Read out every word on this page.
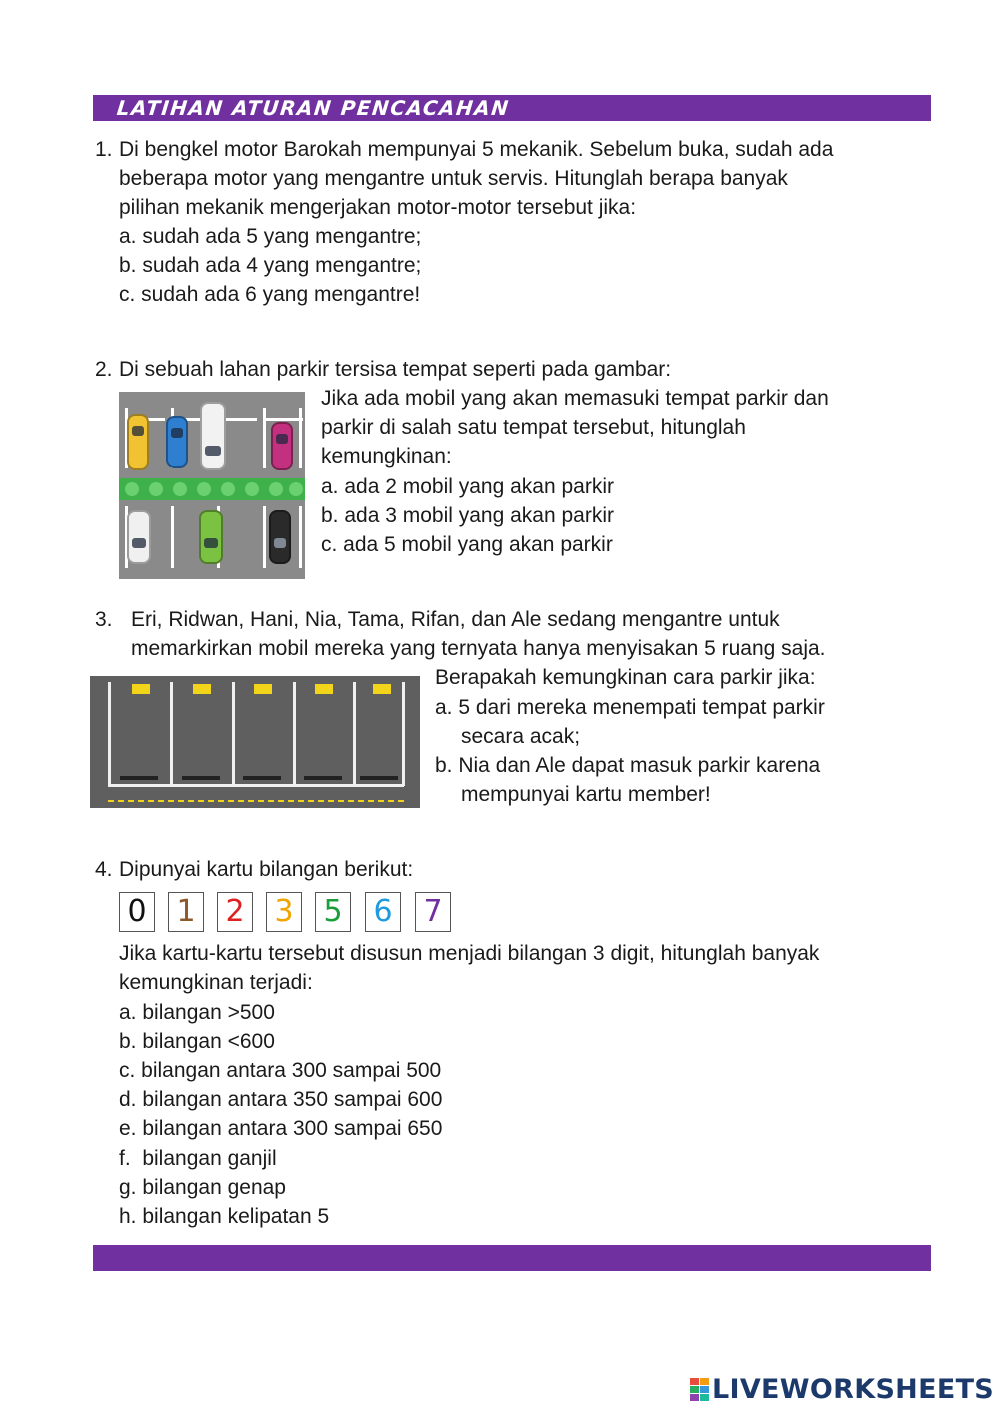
LATIHAN ATURAN PENCACAHAN
1. Di bengkel motor Barokah mempunyai 5 mekanik. Sebelum buka, sudah ada
beberapa motor yang mengantre untuk servis. Hitunglah berapa banyak
pilihan mekanik mengerjakan motor-motor tersebut jika:
a. sudah ada 5 yang mengantre;
b. sudah ada 4 yang mengantre;
c. sudah ada 6 yang mengantre!
2. Di sebuah lahan parkir tersisa tempat seperti pada gambar:
Jika ada mobil yang akan memasuki tempat parkir dan
parkir di salah satu tempat tersebut, hitunglah
kemungkinan:
a. ada 2 mobil yang akan parkir
b. ada 3 mobil yang akan parkir
c. ada 5 mobil yang akan parkir
3. Eri, Ridwan, Hani, Nia, Tama, Rifan, dan Ale sedang mengantre untuk
memarkirkan mobil mereka yang ternyata hanya menyisakan 5 ruang saja.
Berapakah kemungkinan cara parkir jika:
a. 5 dari mereka menempati tempat parkir
secara acak;
b. Nia dan Ale dapat masuk parkir karena
mempunyai kartu member!
4. Dipunyai kartu bilangan berikut:
0 1 2 3 5 6 7
Jika kartu-kartu tersebut disusun menjadi bilangan 3 digit, hitunglah banyak
kemungkinan terjadi:
a. bilangan >500
b. bilangan <600
c. bilangan antara 300 sampai 500
d. bilangan antara 350 sampai 600
e. bilangan antara 300 sampai 650
f.  bilangan ganjil
g. bilangan genap
h. bilangan kelipatan 5
LIVEWORKSHEETS
